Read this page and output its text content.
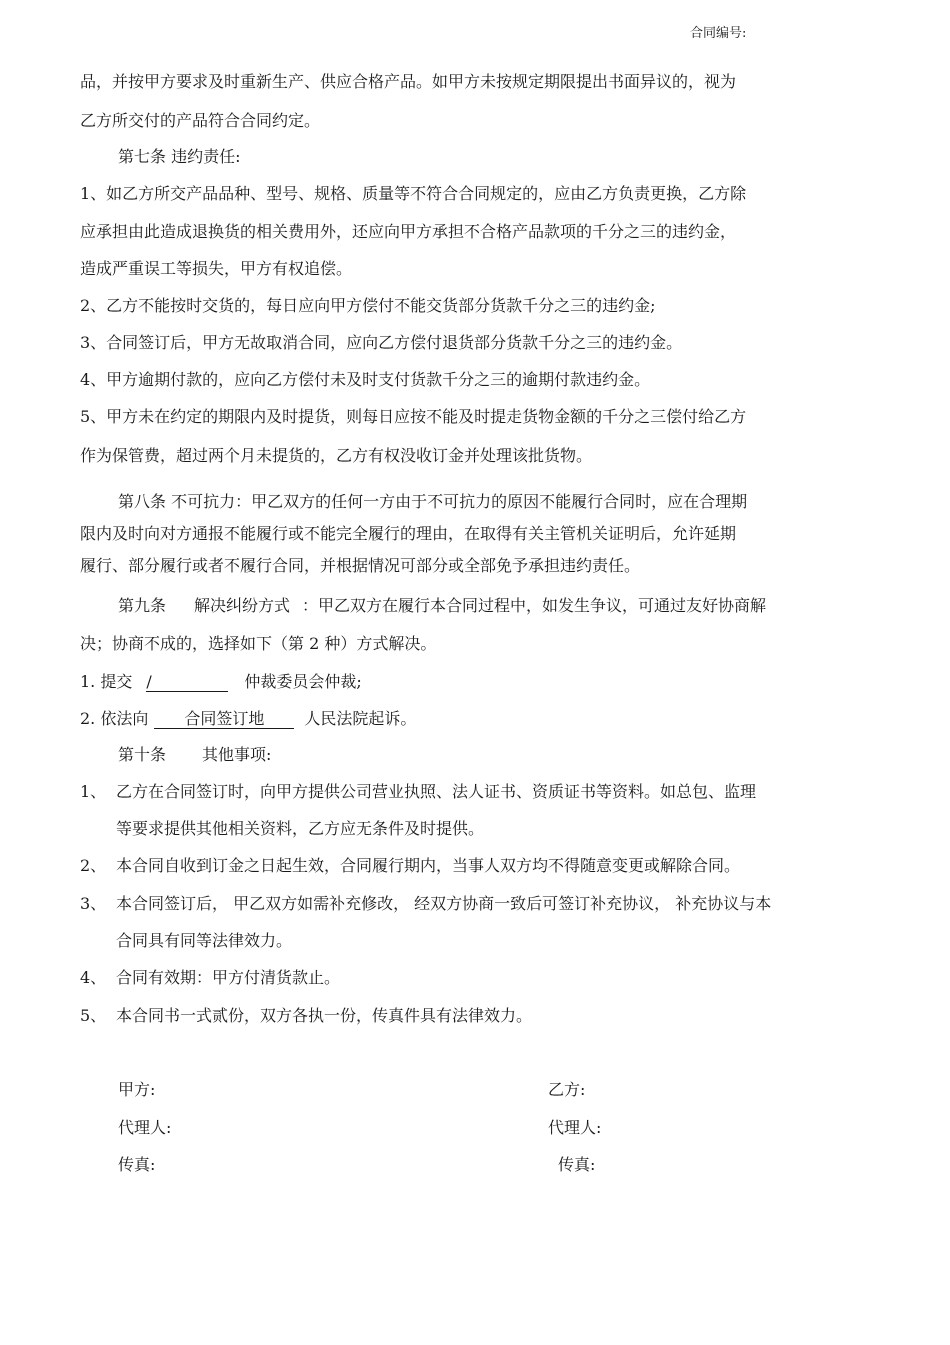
合同编号:
品，并按甲方要求及时重新生产、供应合格产品。如甲方未按规定期限提出书面异议的，视为
乙方所交付的产品符合合同约定。
第七条 违约责任:
1、如乙方所交产品品种、型号、规格、质量等不符合合同规定的，应由乙方负责更换，乙方除
应承担由此造成退换货的相关费用外，还应向甲方承担不合格产品款项的千分之三的违约金，
造成严重误工等损失，甲方有权追偿。
2、乙方不能按时交货的，每日应向甲方偿付不能交货部分货款千分之三的违约金;
3、合同签订后，甲方无故取消合同，应向乙方偿付退货部分货款千分之三的违约金。
4、甲方逾期付款的，应向乙方偿付未及时支付货款千分之三的逾期付款违约金。
5、甲方未在约定的期限内及时提货，则每日应按不能及时提走货物金额的千分之三偿付给乙方
作为保管费，超过两个月未提货的，乙方有权没收订金并处理该批货物。
第八条 不可抗力：甲乙双方的任何一方由于不可抗力的原因不能履行合同时，应在合理期
限内及时向对方通报不能履行或不能完全履行的理由，在取得有关主管机关证明后，允许延期
履行、部分履行或者不履行合同，并根据情况可部分或全部免予承担违约责任。
第九条 解决纠纷方式 ：甲乙双方在履行本合同过程中，如发生争议，可通过友好协商解
决；协商不成的，选择如下（第 2 种）方式解决。
1. 提交 /	仲裁委员会仲裁;
2. 依法向 合同签订地	人民法院起诉。
第十条 其他事项:
1、 乙方在合同签订时，向甲方提供公司营业执照、法人证书、资质证书等资料。如总包、监理
等要求提供其他相关资料，乙方应无条件及时提供。
2、 本合同自收到订金之日起生效，合同履行期内，当事人双方均不得随意变更或解除合同。
3、 本合同签订后， 甲乙双方如需补充修改， 经双方协商一致后可签订补充协议， 补充协议与本
合同具有同等法律效力。
4、 合同有效期：甲方付清货款止。
5、 本合同书一式贰份，双方各执一份，传真件具有法律效力。
甲方:	乙方:
代理人:	代理人:
传真:	传真:
